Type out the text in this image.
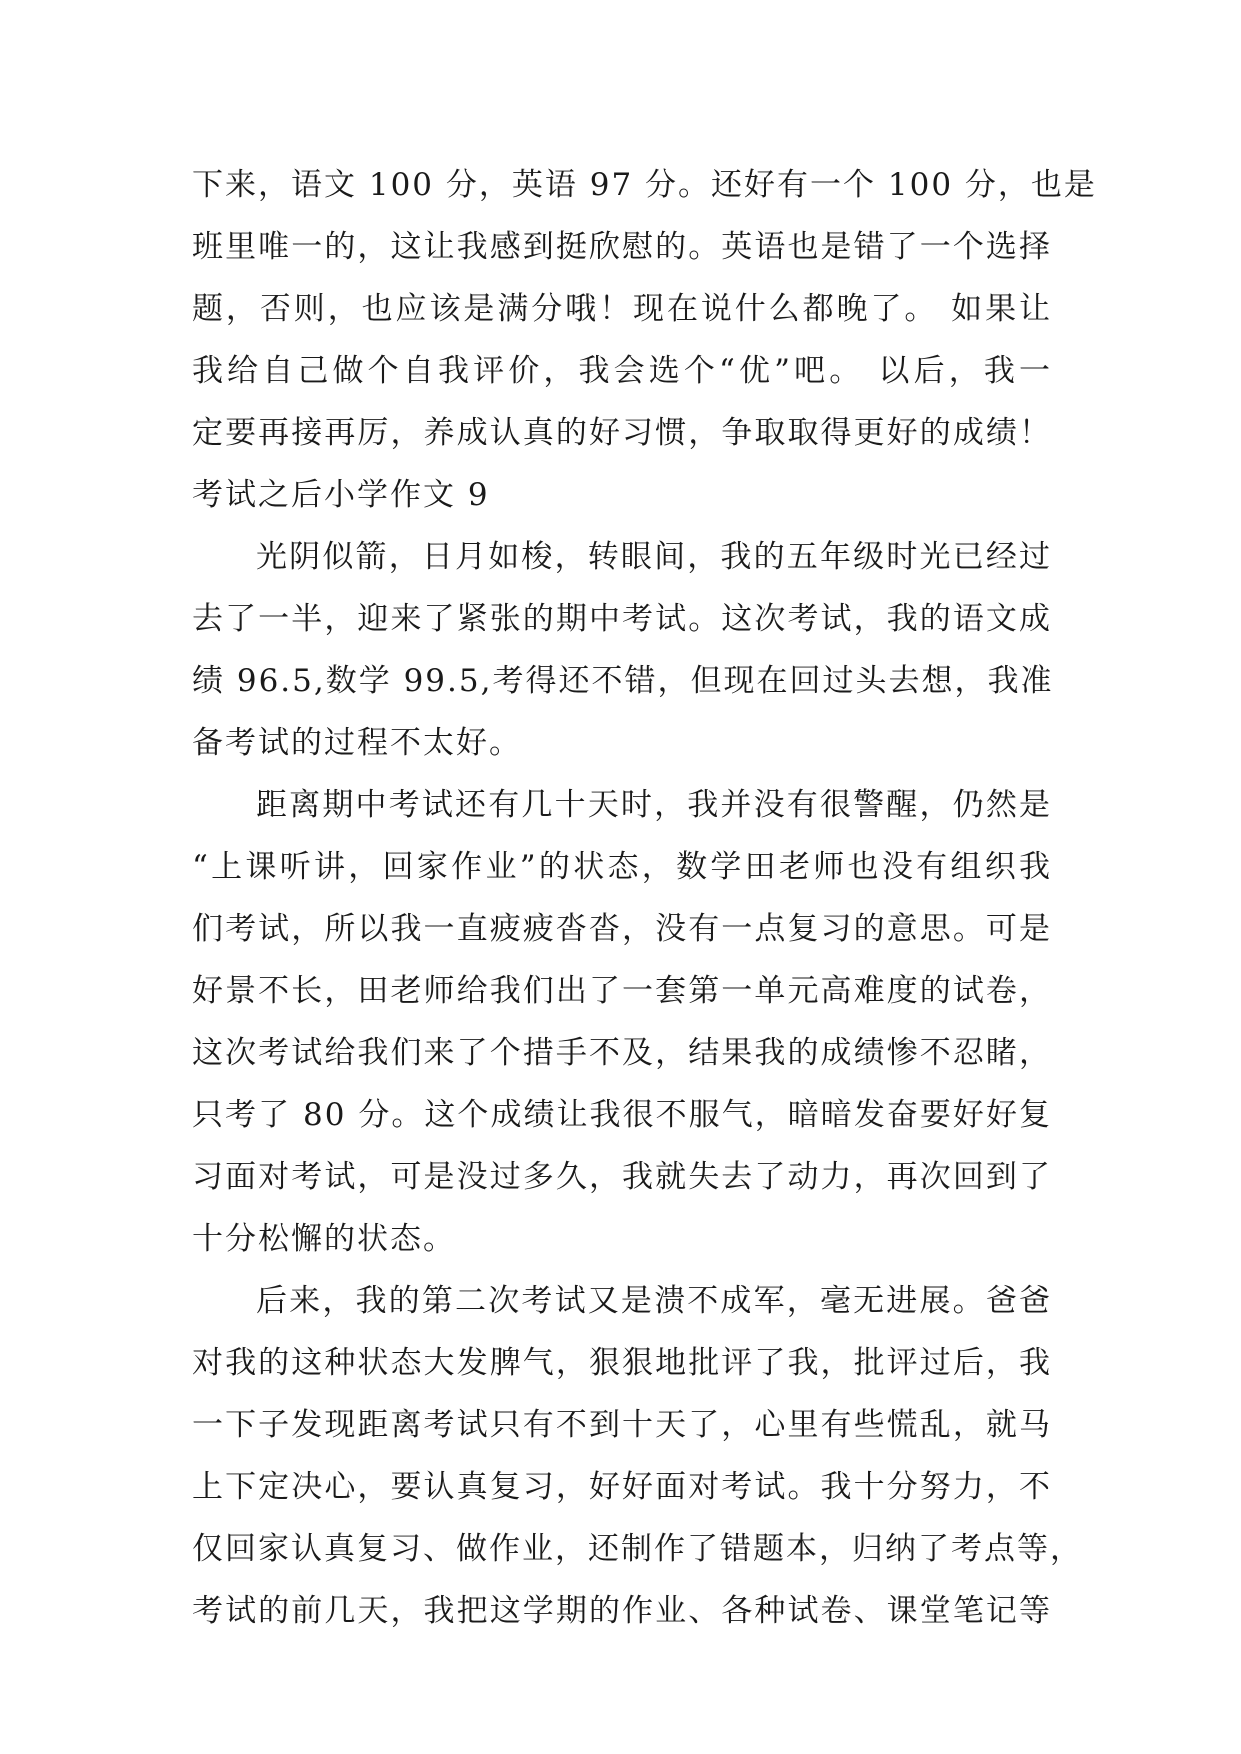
下来，语文 100 分，英语 97 分。还好有一个 100 分，也是
班里唯一的，这让我感到挺欣慰的。英语也是错了一个选择
题，否则，也应该是满分哦！现在说什么都晚了。 如果让
我给自己做个自我评价，我会选个“优”吧。 以后，我一
定要再接再厉，养成认真的好习惯，争取取得更好的成绩！
考试之后小学作文 9
光阴似箭，日月如梭，转眼间，我的五年级时光已经过
去了一半，迎来了紧张的期中考试。这次考试，我的语文成
绩 96.5,数学 99.5,考得还不错，但现在回过头去想，我准
备考试的过程不太好。
距离期中考试还有几十天时，我并没有很警醒，仍然是
“上课听讲，回家作业”的状态，数学田老师也没有组织我
们考试，所以我一直疲疲沓沓，没有一点复习的意思。可是
好景不长，田老师给我们出了一套第一单元高难度的试卷，
这次考试给我们来了个措手不及，结果我的成绩惨不忍睹，
只考了 80 分。这个成绩让我很不服气，暗暗发奋要好好复
习面对考试，可是没过多久，我就失去了动力，再次回到了
十分松懈的状态。
后来，我的第二次考试又是溃不成军，毫无进展。爸爸
对我的这种状态大发脾气，狠狠地批评了我，批评过后，我
一下子发现距离考试只有不到十天了，心里有些慌乱，就马
上下定决心，要认真复习，好好面对考试。我十分努力，不
仅回家认真复习、做作业，还制作了错题本，归纳了考点等，
考试的前几天，我把这学期的作业、各种试卷、课堂笔记等
